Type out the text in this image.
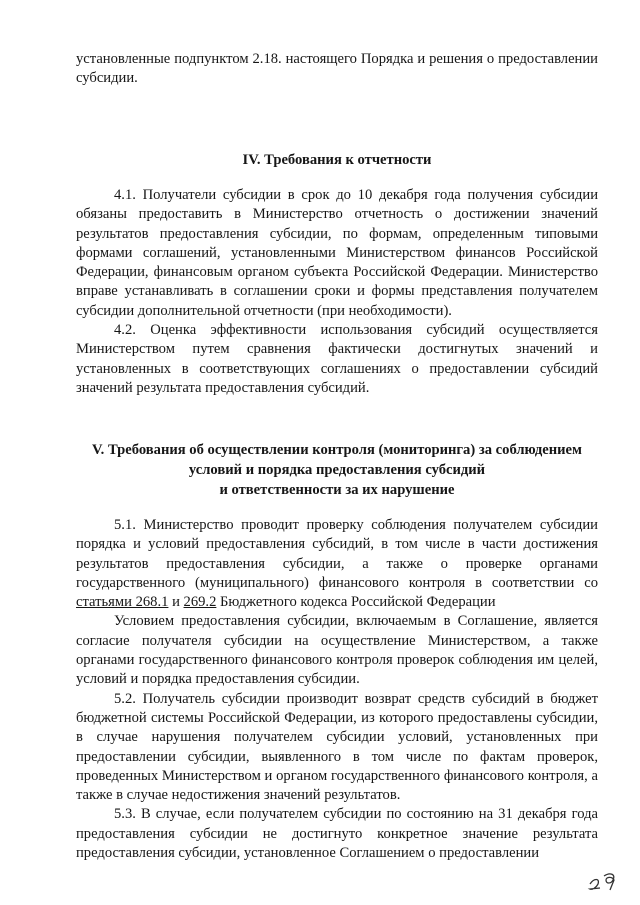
установленные подпунктом 2.18. настоящего Порядка и решения о предоставлении субсидии.

IV. Требования к отчетности

4.1. Получатели субсидии в срок до 10 декабря года получения субсидии обязаны предоставить в Министерство отчетность о достижении значений результатов предоставления субсидии, по формам, определенным типовыми формами соглашений, установленными Министерством финансов Российской Федерации, финансовым органом субъекта Российской Федерации. Министерство вправе устанавливать в соглашении сроки и формы представления получателем субсидии дополнительной отчетности (при необходимости).

4.2. Оценка эффективности использования субсидий осуществляется Министерством путем сравнения фактически достигнутых значений и установленных в соответствующих соглашениях о предоставлении субсидий значений результата предоставления субсидий.

V. Требования об осуществлении контроля (мониторинга) за соблюдением
условий и порядка предоставления субсидий
и ответственности за их нарушение

5.1. Министерство проводит проверку соблюдения получателем субсидии порядка и условий предоставления субсидий, в том числе в части достижения результатов предоставления субсидии, а также о проверке органами государственного (муниципального) финансового контроля в соответствии со статьями 268.1 и 269.2 Бюджетного кодекса Российской Федерации

Условием предоставления субсидии, включаемым в Соглашение, является согласие получателя субсидии на осуществление Министерством, а также органами государственного финансового контроля проверок соблюдения им целей, условий и порядка предоставления субсидии.

5.2. Получатель субсидии производит возврат средств субсидий в бюджет бюджетной системы Российской Федерации, из которого предоставлены субсидии, в случае нарушения получателем субсидии условий, установленных при предоставлении субсидии, выявленного в том числе по фактам проверок, проведенных Министерством и органом государственного финансового контроля, а также в случае недостижения значений результатов.

5.3. В случае, если получателем субсидии по состоянию на 31 декабря года предоставления субсидии не достигнуто конкретное значение результата предоставления субсидии, установленное Соглашением о предоставлении
